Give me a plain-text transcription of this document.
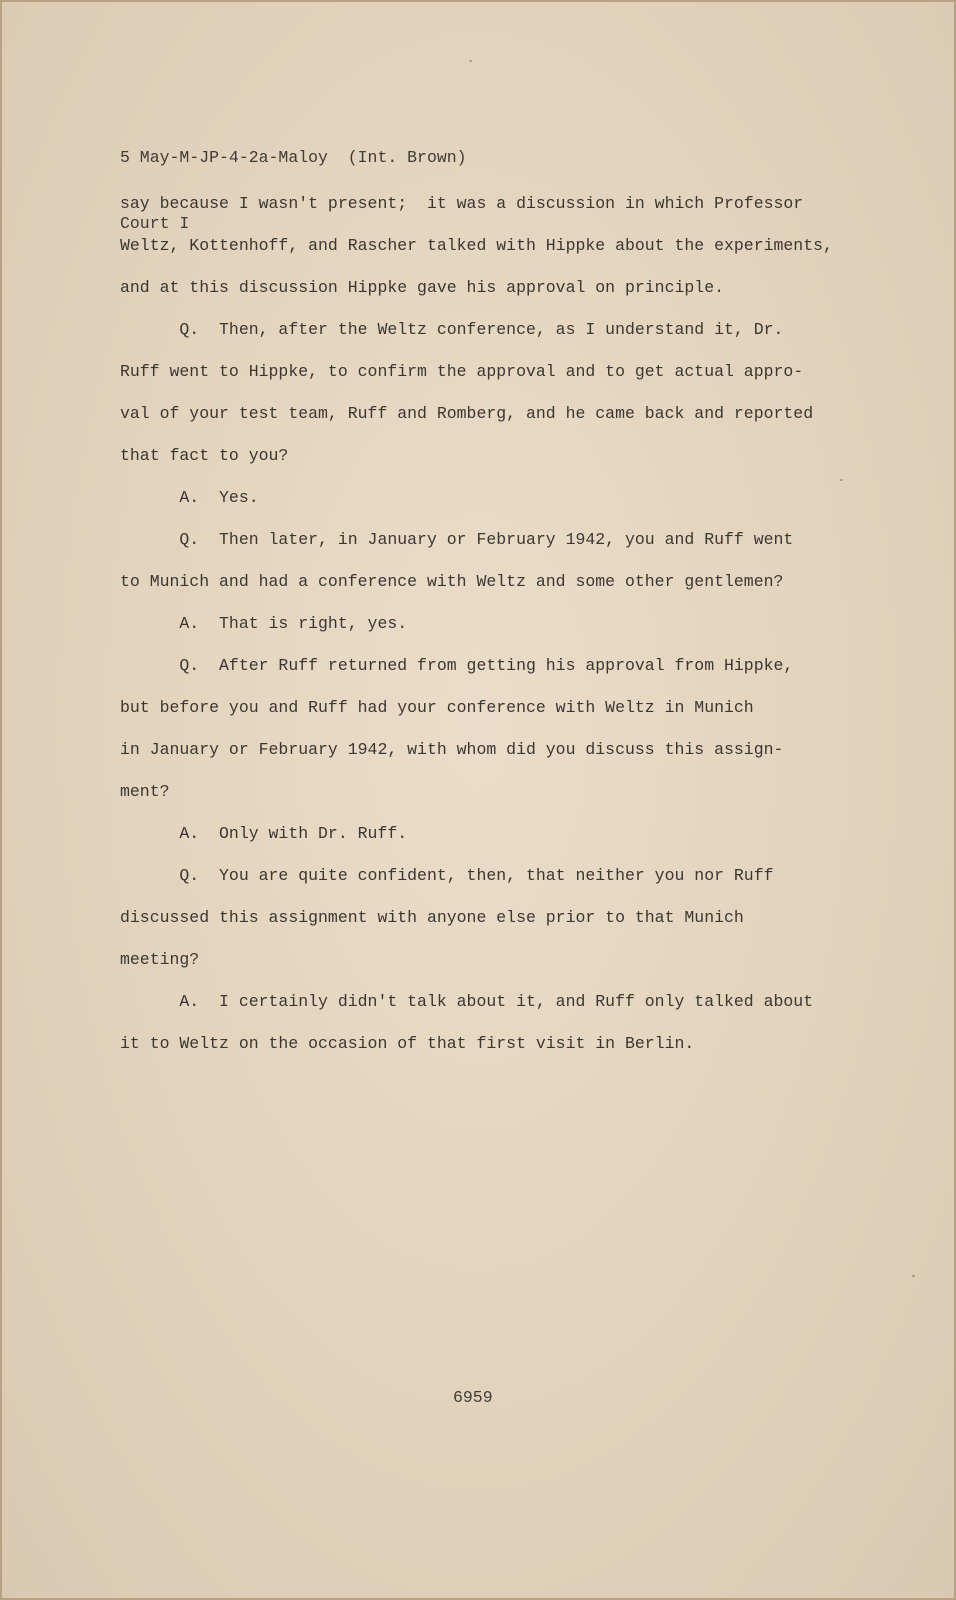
5 May-M-JP-4-2a-Maloy  (Int. Brown)

Court I

say because I wasn't present;  it was a discussion in which Professor
Weltz, Kottenhoff, and Rascher talked with Hippke about the experiments,
and at this discussion Hippke gave his approval on principle.
Q.  Then, after the Weltz conference, as I understand it, Dr.
Ruff went to Hippke, to confirm the approval and to get actual appro-
val of your test team, Ruff and Romberg, and he came back and reported
that fact to you?
A.  Yes.
Q.  Then later, in January or February 1942, you and Ruff went
to Munich and had a conference with Weltz and some other gentlemen?
A.  That is right, yes.
Q.  After Ruff returned from getting his approval from Hippke,
but before you and Ruff had your conference with Weltz in Munich
in January or February 1942, with whom did you discuss this assign-
ment?
A.  Only with Dr. Ruff.
Q.  You are quite confident, then, that neither you nor Ruff
discussed this assignment with anyone else prior to that Munich
meeting?
A.  I certainly didn't talk about it, and Ruff only talked about
it to Weltz on the occasion of that first visit in Berlin.
6959
